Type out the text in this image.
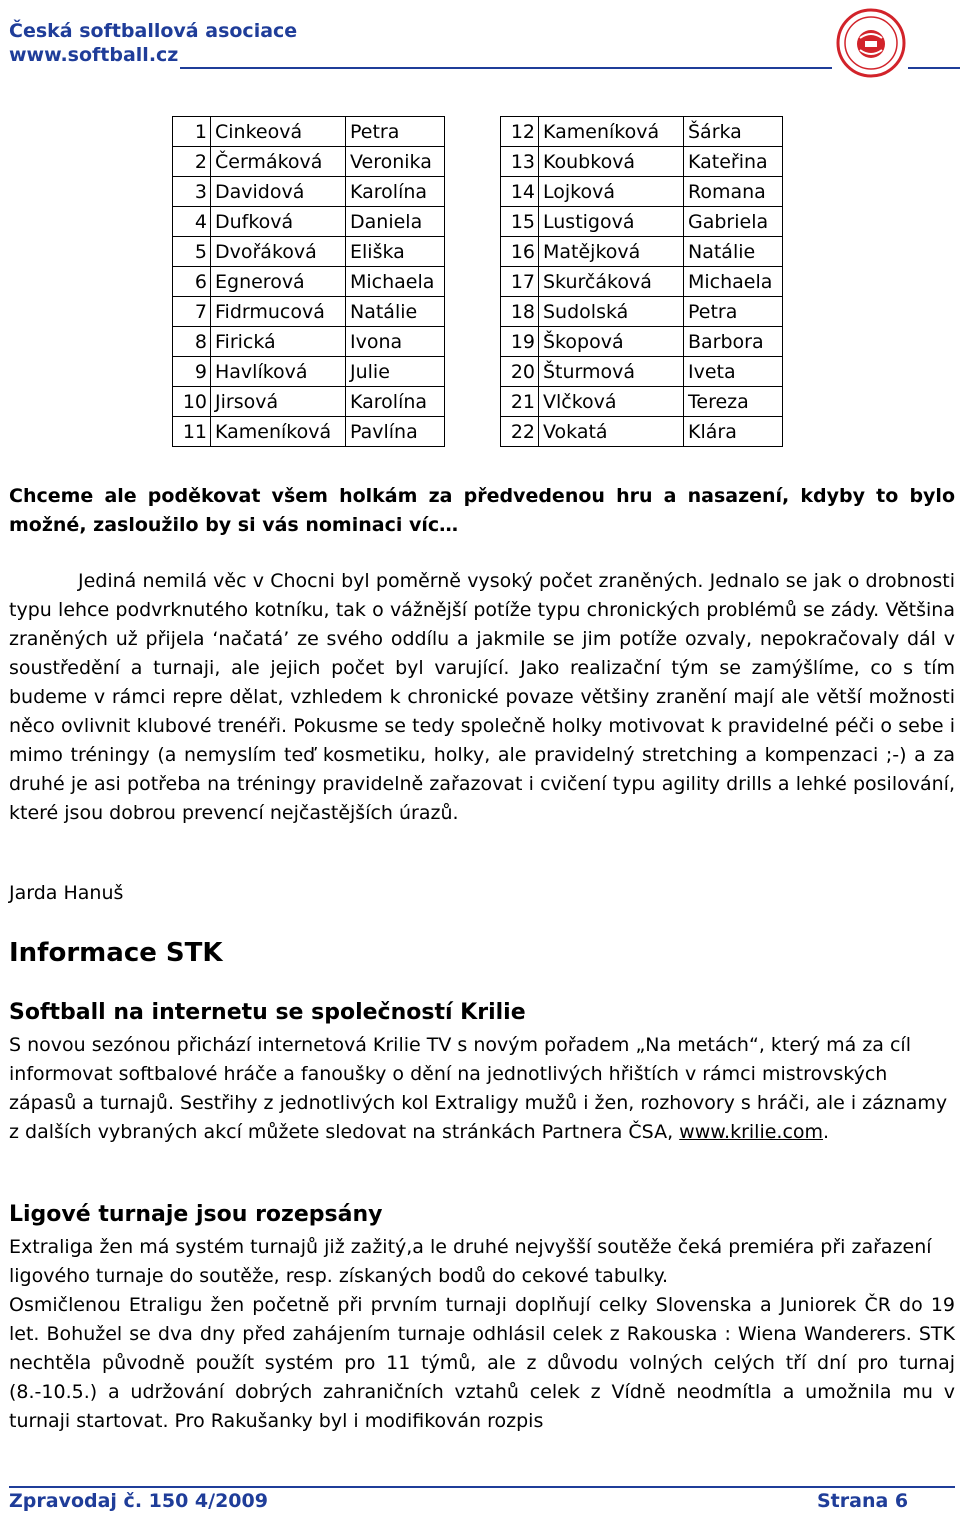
Česká softballová asociace
www.softball.cz
1	Cinkeová	Petra
2	Čermáková	Veronika
3	Davidová	Karolína
4	Dufková	Daniela
5	Dvořáková	Eliška
6	Egnerová	Michaela
7	Fidrmucová	Natálie
8	Firická	Ivona
9	Havlíková	Julie
10	Jirsová	Karolína
11	Kameníková	Pavlína
12	Kameníková	Šárka
13	Koubková	Kateřina
14	Lojková	Romana
15	Lustigová	Gabriela
16	Matějková	Natálie
17	Skurčáková	Michaela
18	Sudolská	Petra
19	Škopová	Barbora
20	Šturmová	Iveta
21	Vlčková	Tereza
22	Vokatá	Klára
Chceme ale poděkovat všem holkám za předvedenou hru a nasazení, kdyby to bylo možné, zasloužilo by si vás nominaci víc…

Jediná nemilá věc v Chocni byl poměrně vysoký počet zraněných. Jednalo se jak o drobnosti typu lehce podvrknutého kotníku, tak o vážnější potíže typu chronických problémů se zády. Většina zraněných už přijela ‘načatá’ ze svého oddílu a jakmile se jim potíže ozvaly, nepokračovaly dál v soustředění a turnaji, ale jejich počet byl varující. Jako realizační tým se zamýšlíme, co s tím budeme v rámci repre dělat, vzhledem k chronické povaze většiny zranění mají ale větší možnosti něco ovlivnit klubové trenéři. Pokusme se tedy společně holky motivovat k pravidelné péči o sebe i mimo tréningy (a nemyslím teď kosmetiku, holky, ale pravidelný stretching a kompenzaci ;-) a za druhé je asi potřeba na tréningy pravidelně zařazovat i cvičení typu agility drills a lehké posilování, které jsou dobrou prevencí nejčastějších úrazů.

Jarda Hanuš
Informace STK
Softball na internetu se společností Krilie

S novou sezónou přichází internetová Krilie TV s novým pořadem „Na metách“, který má za cíl informovat softbalové hráče a fanoušky o dění na jednotlivých hřištích v rámci mistrovských zápasů a turnajů. Sestřihy z jednotlivých kol Extraligy mužů i žen, rozhovory s hráči, ale i záznamy z dalších vybraných akcí můžete sledovat na stránkách Partnera ČSA, www.krilie.com.

Ligové turnaje jsou rozepsány

Extraliga žen má systém turnajů již zažitý,a le druhé nejvyšší soutěže čeká premiéra při zařazení ligového turnaje do soutěže, resp. získaných bodů do cekové tabulky.

Osmičlenou Etraligu žen početně při prvním turnaji doplňují celky Slovenska a Juniorek ČR do 19 let. Bohužel se dva dny před zahájením turnaje odhlásil celek z Rakouska : Wiena Wanderers. STK nechtěla původně použít systém pro 11 týmů, ale z důvodu volných celých tří dní pro turnaj (8.-10.5.) a udržování dobrých zahraničních vztahů celek z Vídně neodmítla a umožnila mu v turnaji startovat. Pro Rakušanky byl i modifikován rozpis

Zpravodaj č. 150 4/2009	Strana 6
